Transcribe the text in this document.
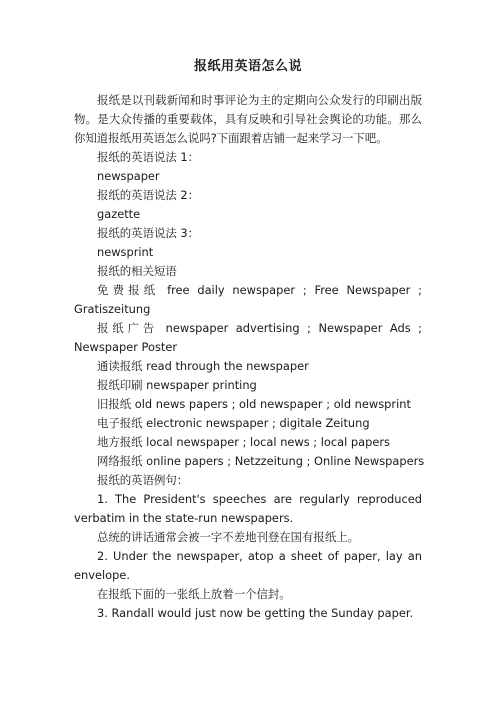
报纸用英语怎么说

报纸是以刊载新闻和时事评论为主的定期向公众发行的印刷出版物。是大众传播的重要载体，具有反映和引导社会舆论的功能。那么你知道报纸用英语怎么说吗?下面跟着店铺一起来学习一下吧。

报纸的英语说法 1：

newspaper

报纸的英语说法 2：

gazette

报纸的英语说法 3：

newsprint

报纸的相关短语

免费报纸 free daily newspaper ; Free Newspaper ; Gratiszeitung

报纸广告 newspaper advertising ; Newspaper Ads ; Newspaper Poster

通读报纸 read through the newspaper

报纸印刷 newspaper printing

旧报纸 old news papers ; old newspaper ; old newsprint

电子报纸 electronic newspaper ; digitale Zeitung

地方报纸 local newspaper ; local news ; local papers

网络报纸 online papers ; Netzzeitung ; Online Newspapers

报纸的英语例句：

1. The President's speeches are regularly reproduced verbatim in the state-run newspapers.

总统的讲话通常会被一字不差地刊登在国有报纸上。

2. Under the newspaper, atop a sheet of paper, lay an envelope.

在报纸下面的一张纸上放着一个信封。

3. Randall would just now be getting the Sunday paper.
